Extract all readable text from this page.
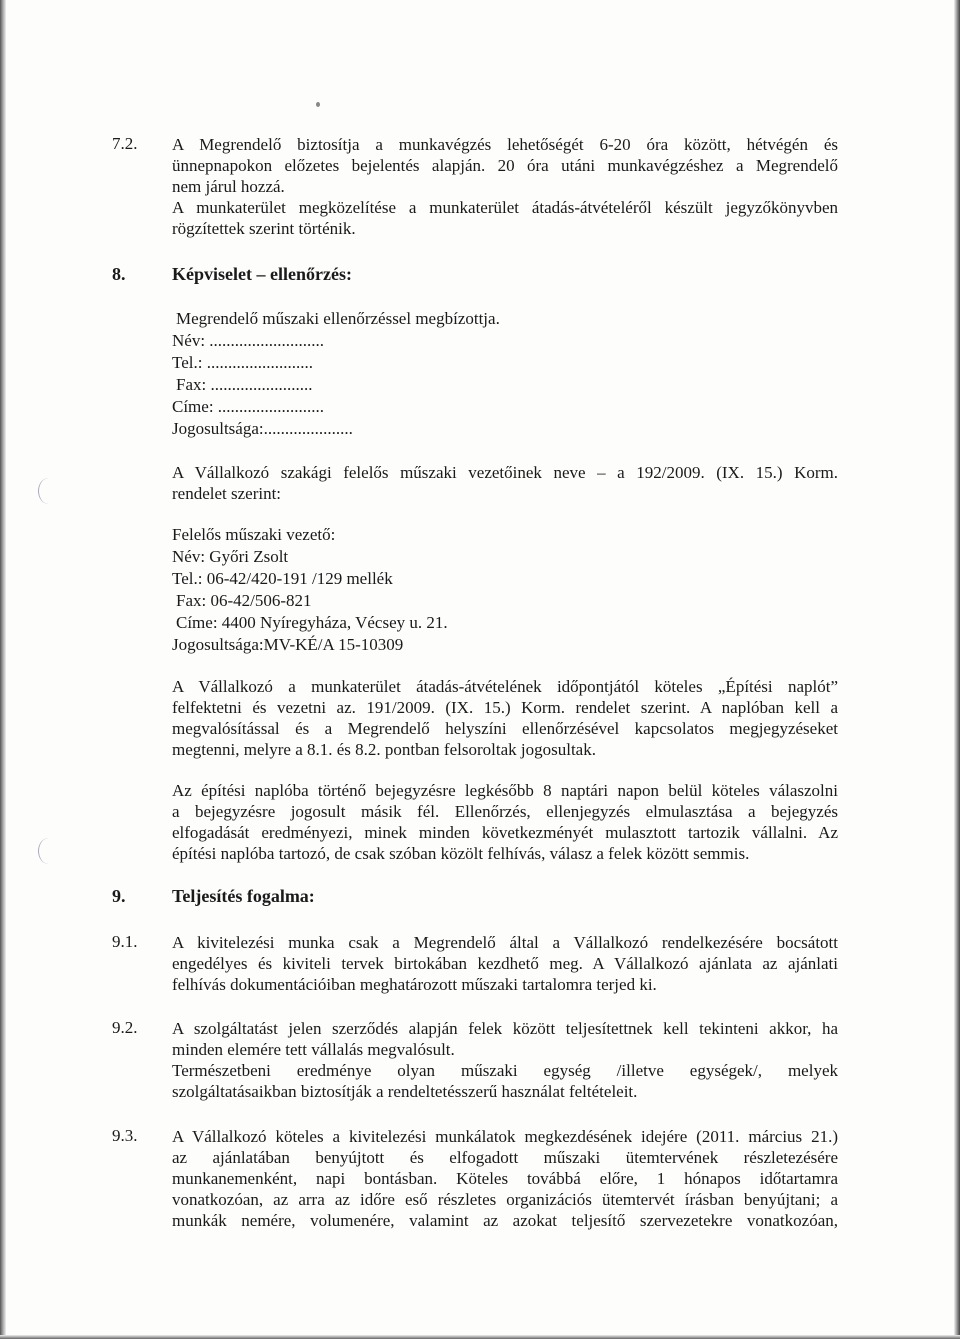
7.2. A Megrendelő biztosítja a munkavégzés lehetőségét 6-20 óra között, hétvégén és

ünnepnapokon előzetes bejelentés alapján. 20 óra utáni munkavégzéshez a Megrendelő

nem járul hozzá.

A munkaterület megközelítése a munkaterület átadás-átvételéről készült jegyzőkönyvben

rögzítettek szerint történik.

8.	Képviselet – ellenőrzés:
Megrendelő műszaki ellenőrzéssel megbízottja.
Név: ...........................
Tel.: .........................
Fax: ........................
Címe: .........................
Jogosultsága:.....................

A Vállalkozó szakági felelős műszaki vezetőinek neve – a 192/2009. (IX. 15.) Korm.

rendelet szerint:

Felelős műszaki vezető:
Név: Győri Zsolt
Tel.: 06-42/420-191 /129 mellék
Fax: 06-42/506-821
Címe: 4400 Nyíregyháza, Vécsey u. 21.
Jogosultsága:MV-KÉ/A 15-10309

A Vállalkozó a munkaterület átadás-átvételének időpontjától köteles „Építési naplót”

felfektetni és vezetni az. 191/2009. (IX. 15.) Korm. rendelet szerint. A naplóban kell a

megvalósítással és a Megrendelő helyszíni ellenőrzésével kapcsolatos megjegyzéseket

megtenni, melyre a 8.1. és 8.2. pontban felsoroltak jogosultak.

Az építési naplóba történő bejegyzésre legkésőbb 8 naptári napon belül köteles válaszolni

a bejegyzésre jogosult másik fél. Ellenőrzés, ellenjegyzés elmulasztása a bejegyzés

elfogadását eredményezi, minek minden következményét mulasztott tartozik vállalni. Az

építési naplóba tartozó, de csak szóban közölt felhívás, válasz a felek között semmis.

9.	Teljesítés fogalma:
9.1. A kivitelezési munka csak a Megrendelő által a Vállalkozó rendelkezésére bocsátott

engedélyes és kiviteli tervek birtokában kezdhető meg. A Vállalkozó ajánlata az ajánlati

felhívás dokumentációiban meghatározott műszaki tartalomra terjed ki.

9.2. A szolgáltatást jelen szerződés alapján felek között teljesítettnek kell tekinteni akkor, ha

minden elemére tett vállalás megvalósult.

Természetbeni eredménye olyan műszaki egység /illetve egységek/, melyek

szolgáltatásaikban biztosítják a rendeltetésszerű használat feltételeit.

9.3. A Vállalkozó köteles a kivitelezési munkálatok megkezdésének idejére (2011. március 21.)

az ajánlatában benyújtott és elfogadott műszaki ütemtervének részletezésére

munkanemenként, napi bontásban. Köteles továbbá előre, 1 hónapos időtartamra

vonatkozóan, az arra az időre eső részletes organizációs ütemtervét írásban benyújtani; a

munkák nemére, volumenére, valamint az azokat teljesítő szervezetekre vonatkozóan,
